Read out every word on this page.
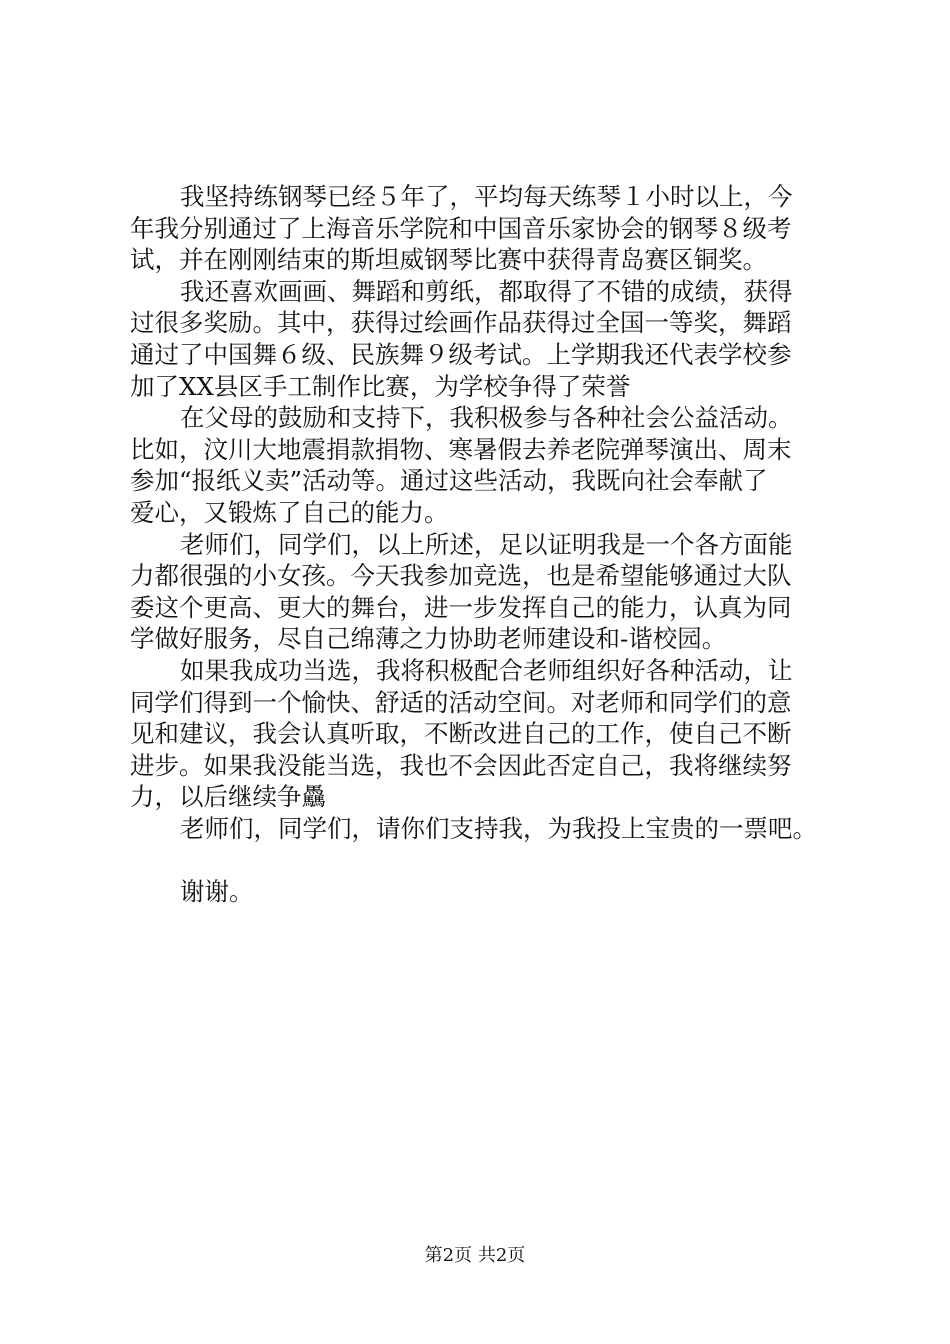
我坚持练钢琴已经５年了，平均每天练琴１小时以上，今
年我分别通过了上海音乐学院和中国音乐家协会的钢琴８级考
试，并在刚刚结束的斯坦威钢琴比赛中获得青岛赛区铜奖。
我还喜欢画画、舞蹈和剪纸，都取得了不错的成绩，获得
过很多奖励。其中，获得过绘画作品获得过全国一等奖，舞蹈
通过了中国舞６级、民族舞９级考试。上学期我还代表学校参
加了XX县区手工制作比赛，为学校争得了荣誉
在父母的鼓励和支持下，我积极参与各种社会公益活动。
比如，汶川大地震捐款捐物、寒暑假去养老院弹琴演出、周末
参加“报纸义卖”活动等。通过这些活动，我既向社会奉献了
爱心，又锻炼了自己的能力。
老师们，同学们，以上所述，足以证明我是一个各方面能
力都很强的小女孩。今天我参加竞选，也是希望能够通过大队
委这个更高、更大的舞台，进一步发挥自己的能力，认真为同
学做好服务，尽自己绵薄之力协助老师建设和-谐校园。
如果我成功当选，我将积极配合老师组织好各种活动，让
同学们得到一个愉快、舒适的活动空间。对老师和同学们的意
见和建议，我会认真听取，不断改进自己的工作，使自己不断
进步。如果我没能当选，我也不会因此否定自己，我将继续努
力，以后继续争驫
老师们，同学们，请你们支持我，为我投上宝贵的一票吧。
谢谢。
第2页 共2页
